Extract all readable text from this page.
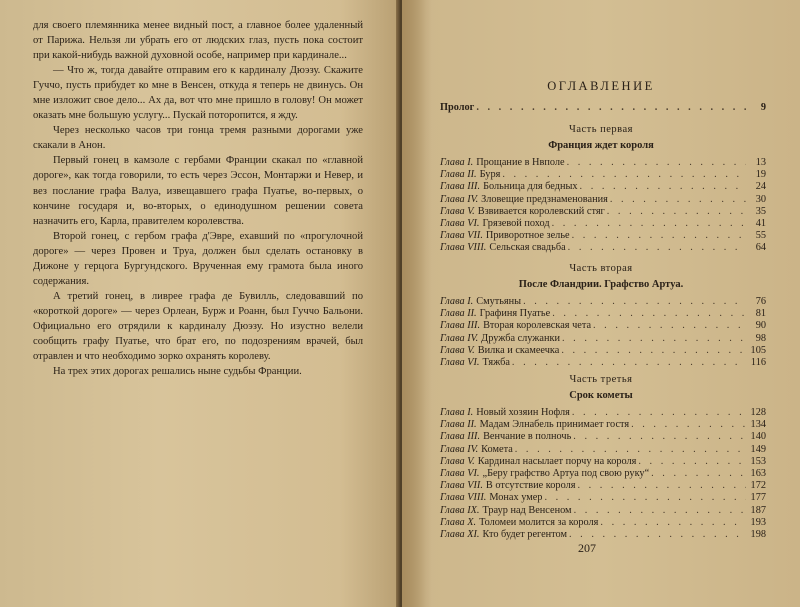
для своего племянника менее видный пост, а главное более удаленный от Парижа. Нельзя ли убрать его от людских глаз, пусть пока состоит при какой-нибудь важной духовной особе, например при кардинале...

— Что ж, тогда давайте отправим его к кардиналу Дюэзу. Скажите Гуччо, пусть прибудет ко мне в Венсен, откуда я теперь не двинусь. Он мне изложит свое дело... Ах да, вот что мне пришло в голову! Он может оказать мне большую услугу... Пускай поторопится, я жду.

Через несколько часов три гонца тремя разными дорогами уже скакали в Анон.

Первый гонец в камзоле с гербами Франции скакал по «главной дороге», как тогда говорили, то есть через Эссон, Монтаржи и Невер, и вез послание графа Валуа, извещавшего графа Пуатье, во-первых, о кончине государя и, во-вторых, о единодушном решении совета назначить его, Карла, правителем королевства.

Второй гонец, с гербом графа д'Эвре, ехавший по «прогулочной дороге» — через Провен и Труа, должен был сделать остановку в Дижоне у герцога Бургундского. Врученная ему грамота была иного содержания.

А третий гонец, в ливрее графа де Бувилль, следовавший по «короткой дороге» — через Орлеан, Бурж и Роанн, был Гуччо Бальони. Официально его отрядили к кардиналу Дюэзу. Но изустно велели сообщить графу Пуатье, что брат его, по подозрениям врачей, был отравлен и что необходимо зорко охранять королеву.

На трех этих дорогах решались ныне судьбы Франции.

ОГЛАВЛЕНИЕ
Пролог . . .	9
Часть первая
Франция ждет короля
Глава I. Прощание в Нвполе . . .	13
Глава II. Буря . . .	19
Глава III. Больница для бедных . . .	24
Глава IV. Зловещие предзнаменования . . .	30
Глава V. Взвивается королевский стяг . . .	35
Глава VI. Грязевой поход . . .	41
Глава VII. Приворотное зелье . . .	55
Глава VIII. Сельская свадьба . . .	64
Часть вторая
После Фландрии. Графство Артуа.
Глава I. Смутьяны . . .	76
Глава II. Графиня Пуатье . . .	81
Глава III. Вторая королевская чета . . .	90
Глава IV. Дружба служанки . . .	98
Глава V. Вилка и скамеечка . . .	105
Глава VI. Тяжба . . .	116
Часть третья
Срок кометы
Глава I. Новый хозяин Нофля . . .	128
Глава II. Мадам Элнабель принимает гостя . . .	134
Глава III. Венчание в полночь . . .	140
Глава IV. Комета . . .	149
Глава V. Кардинал насылает порчу на короля . . .	153
Глава VI. „Беру графство Артуа под свою руку“ . . .	163
Глава VII. В отсутствие короля . . .	172
Глава VIII. Монах умер . . .	177
Глава IX. Траур над Венсеном . . .	187
Глава X. Толомеи молится за короля . . .	193
Глава XI. Кто будет регентом . . .	198
207
